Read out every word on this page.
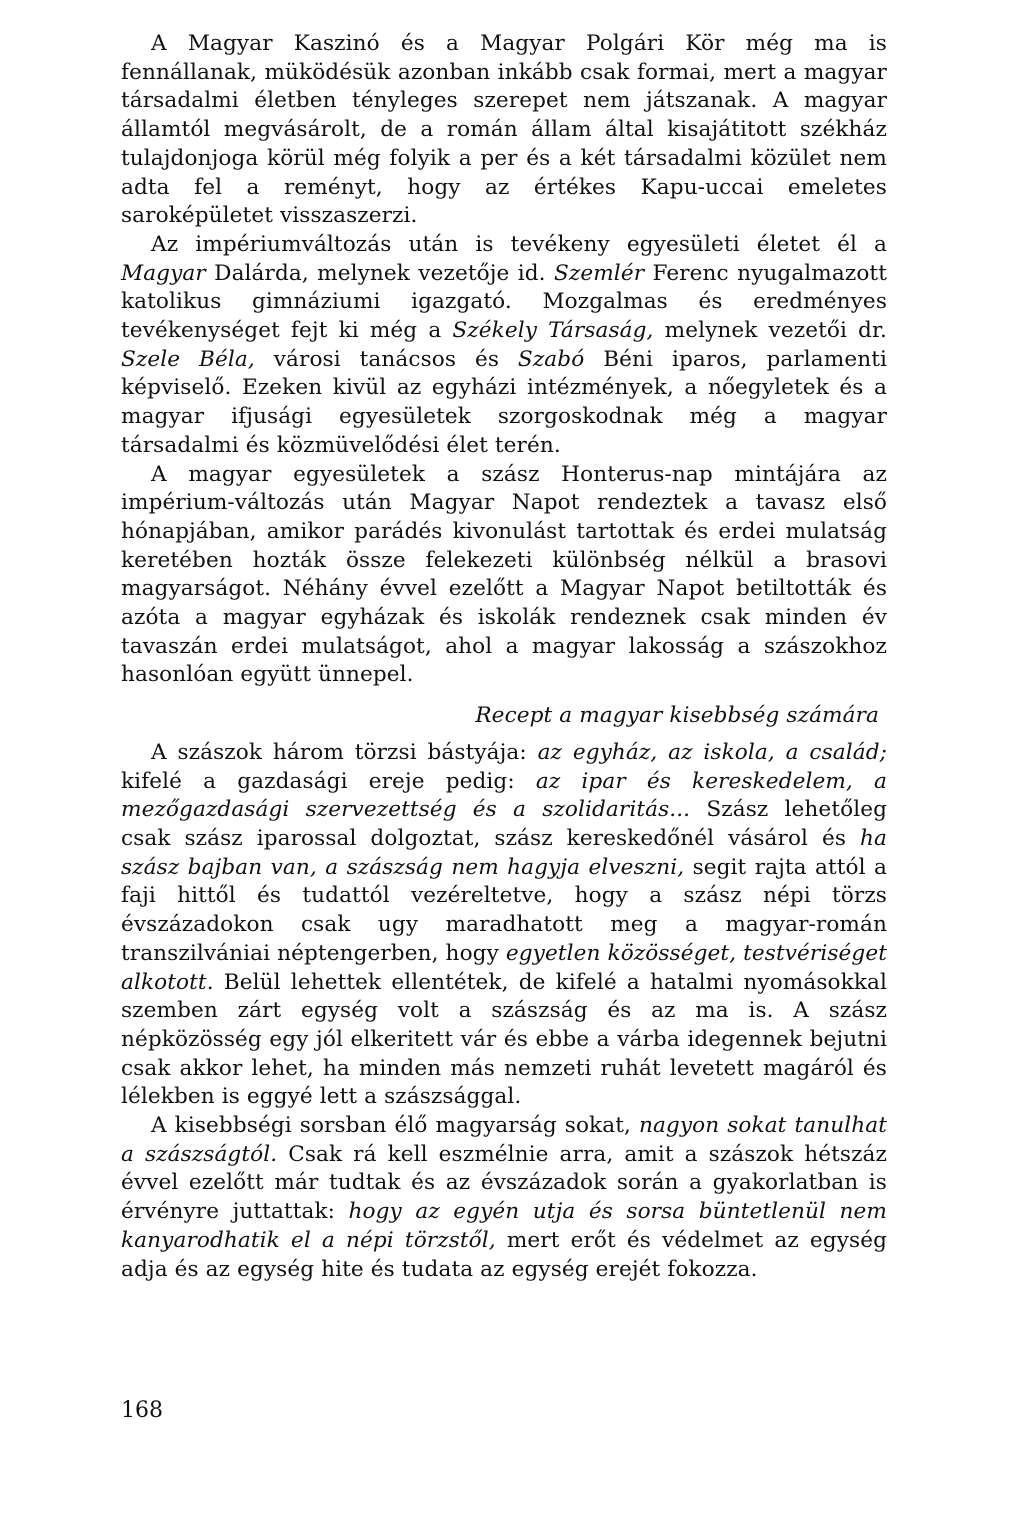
A Magyar Kaszinó és a Magyar Polgári Kör még ma is fennállanak, müködésük azonban inkább csak formai, mert a magyar társadalmi életben tényleges szerepet nem játszanak. A magyar államtól megvásárolt, de a román állam által kisajátitott székház tulajdonjoga körül még folyik a per és a két társadalmi közület nem adta fel a reményt, hogy az értékes Kapu-uccai emeletes saroképületet visszaszerzi.

Az impériumváltozás után is tevékeny egyesületi életet él a Magyar Dalárda, melynek vezetője id. Szemlér Ferenc nyugalmazott katolikus gimnáziumi igazgató. Mozgalmas és eredményes tevékenységet fejt ki még a Székely Társaság, melynek vezetői dr. Szele Béla, városi tanácsos és Szabó Béni iparos, parlamenti képviselő. Ezeken kivül az egyházi intézmények, a nőegyletek és a magyar ifjusági egyesületek szorgoskodnak még a magyar társadalmi és közmüvelődési élet terén.

A magyar egyesületek a szász Honterus-nap mintájára az impérium-változás után Magyar Napot rendeztek a tavasz első hónapjában, amikor parádés kivonulást tartottak és erdei mulatság keretében hozták össze felekezeti különbség nélkül a brasovi magyarságot. Néhány évvel ezelőtt a Magyar Napot betiltották és azóta a magyar egyházak és iskolák rendeznek csak minden év tavaszán erdei mulatságot, ahol a magyar lakosság a szászokhoz hasonlóan együtt ünnepel.

Recept a magyar kisebbség számára

A szászok három törzsi bástyája: az egyház, az iskola, a család; kifelé a gazdasági ereje pedig: az ipar és kereskedelem, a mezőgazdasági szervezettség és a szolidaritás... Szász lehetőleg csak szász iparossal dolgoztat, szász kereskedőnél vásárol és ha szász bajban van, a szászság nem hagyja elveszni, segit rajta attól a faji hittől és tudattól vezéreltetve, hogy a szász népi törzs évszázadokon csak ugy maradhatott meg a magyar-román transzilvániai néptengerben, hogy egyetlen közösséget, testvériséget alkotott. Belül lehettek ellentétek, de kifelé a hatalmi nyomásokkal szemben zárt egység volt a szászság és az ma is. A szász népközösség egy jól elkeritett vár és ebbe a várba idegennek bejutni csak akkor lehet, ha minden más nemzeti ruhát levetett magáról és lélekben is eggyé lett a szászsággal.

A kisebbségi sorsban élő magyarság sokat, nagyon sokat tanulhat a szászságtól. Csak rá kell eszmélnie arra, amit a szászok hétszáz évvel ezelőtt már tudtak és az évszázadok során a gyakorlatban is érvényre juttattak: hogy az egyén utja és sorsa büntetlenül nem kanyarodhatik el a népi törzstől, mert erőt és védelmet az egység adja és az egység hite és tudata az egység erejét fokozza.

168
